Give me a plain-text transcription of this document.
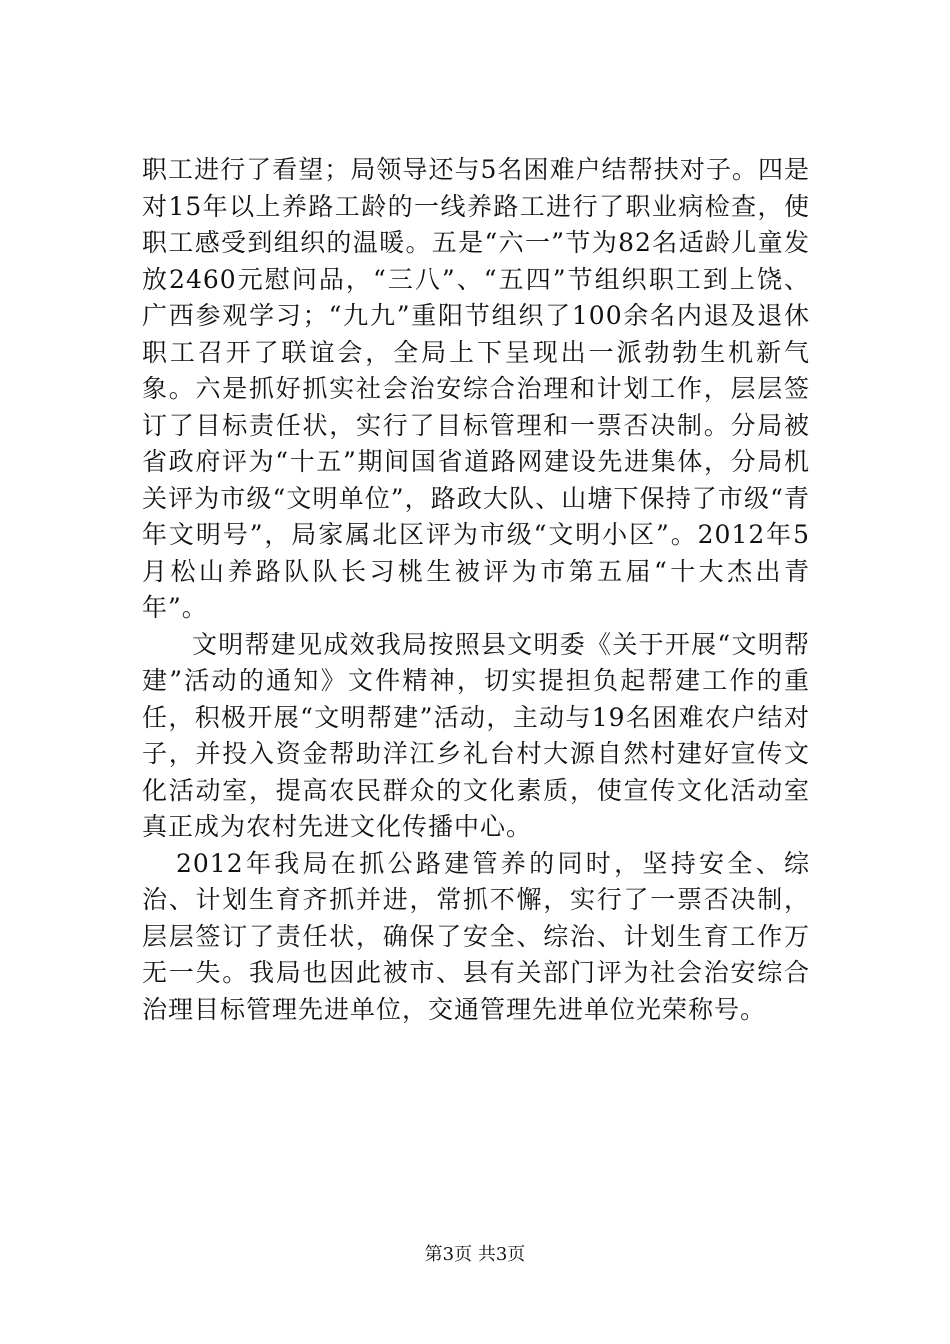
职工进行了看望；局领导还与5名困难户结帮扶对子。四是对15年以上养路工龄的一线养路工进行了职业病检查，使职工感受到组织的温暖。五是“六一”节为82名适龄儿童发放2460元慰问品，“三八”、“五四”节组织职工到上饶、广西参观学习；“九九”重阳节组织了100余名内退及退休职工召开了联谊会，全局上下呈现出一派勃勃生机新气象。六是抓好抓实社会治安综合治理和计划工作，层层签订了目标责任状，实行了目标管理和一票否决制。分局被省政府评为“十五”期间国省道路网建设先进集体，分局机关评为市级“文明单位”，路政大队、山塘下保持了市级“青年文明号”，局家属北区评为市级“文明小区”。2012年5月松山养路队队长习桃生被评为市第五届“十大杰出青年”。

文明帮建见成效我局按照县文明委《关于开展“文明帮建”活动的通知》文件精神，切实提担负起帮建工作的重任，积极开展“文明帮建”活动，主动与19名困难农户结对子，并投入资金帮助洋江乡礼台村大源自然村建好宣传文化活动室，提高农民群众的文化素质，使宣传文化活动室真正成为农村先进文化传播中心。

2012年我局在抓公路建管养的同时，坚持安全、综治、计划生育齐抓并进，常抓不懈，实行了一票否决制，层层签订了责任状，确保了安全、综治、计划生育工作万无一失。我局也因此被市、县有关部门评为社会治安综合治理目标管理先进单位，交通管理先进单位光荣称号。

第3页 共3页
